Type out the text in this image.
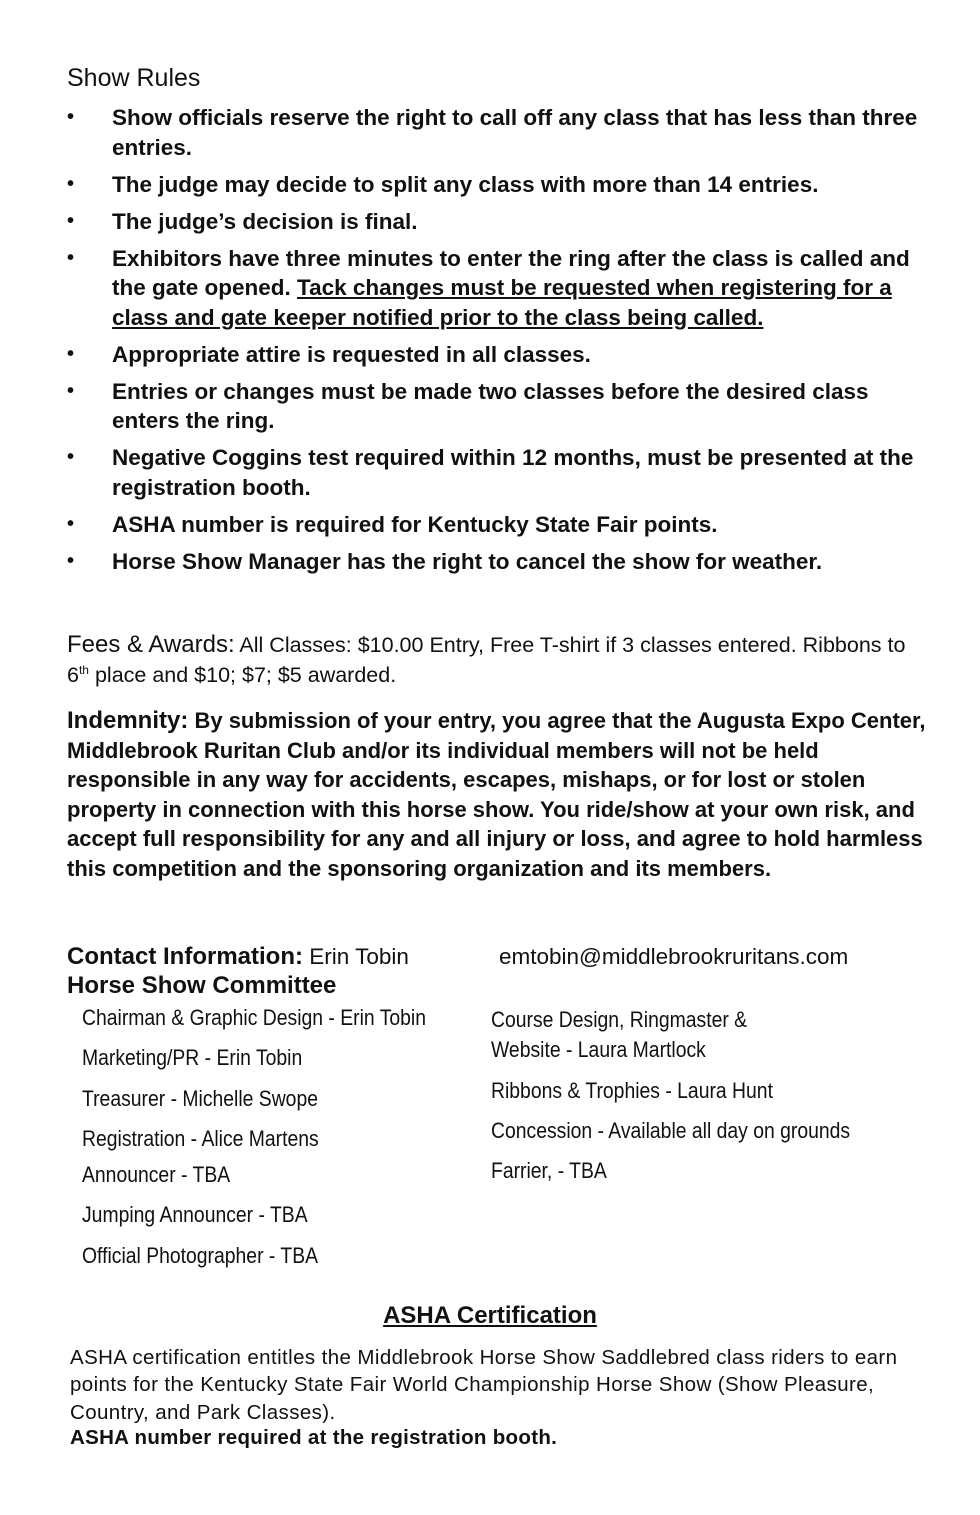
Show Rules
• Show officials reserve the right to call off any class that has less than three entries.
• The judge may decide to split any class with more than 14 entries.
• The judge’s decision is final.
• Exhibitors have three minutes to enter the ring after the class is called and the gate opened. Tack changes must be requested when registering for a class and gate keeper notified prior to the class being called.
• Appropriate attire is requested in all classes.
• Entries or changes must be made two classes before the desired class enters the ring.
• Negative Coggins test required within 12 months, must be presented at the registration booth.
• ASHA number is required for Kentucky State Fair points.
• Horse Show Manager has the right to cancel the show for weather.

Fees & Awards: All Classes: $10.00 Entry, Free T-shirt if 3 classes entered. Ribbons to 6th place and $10; $7; $5 awarded.

Indemnity: By submission of your entry, you agree that the Augusta Expo Center, Middlebrook Ruritan Club and/or its individual members will not be held responsible in any way for accidents, escapes, mishaps, or for lost or stolen property in connection with this horse show. You ride/show at your own risk, and accept full responsibility for any and all injury or loss, and agree to hold harmless this competition and the sponsoring organization and its members.

Contact Information: Erin Tobin	emtobin@middlebrookruritans.com
Horse Show Committee
Chairman & Graphic Design - Erin Tobin
Marketing/PR - Erin Tobin
Treasurer - Michelle Swope
Registration - Alice Martens
Announcer - TBA
Jumping Announcer - TBA
Official Photographer - TBA
Course Design, Ringmaster &
Website - Laura Martlock
Ribbons & Trophies - Laura Hunt
Concession - Available all day on grounds
Farrier, - TBA
ASHA Certification

ASHA certification entitles the Middlebrook Horse Show Saddlebred class riders to earn points for the Kentucky State Fair World Championship Horse Show (Show Pleasure, Country, and Park Classes).

ASHA number required at the registration booth.
